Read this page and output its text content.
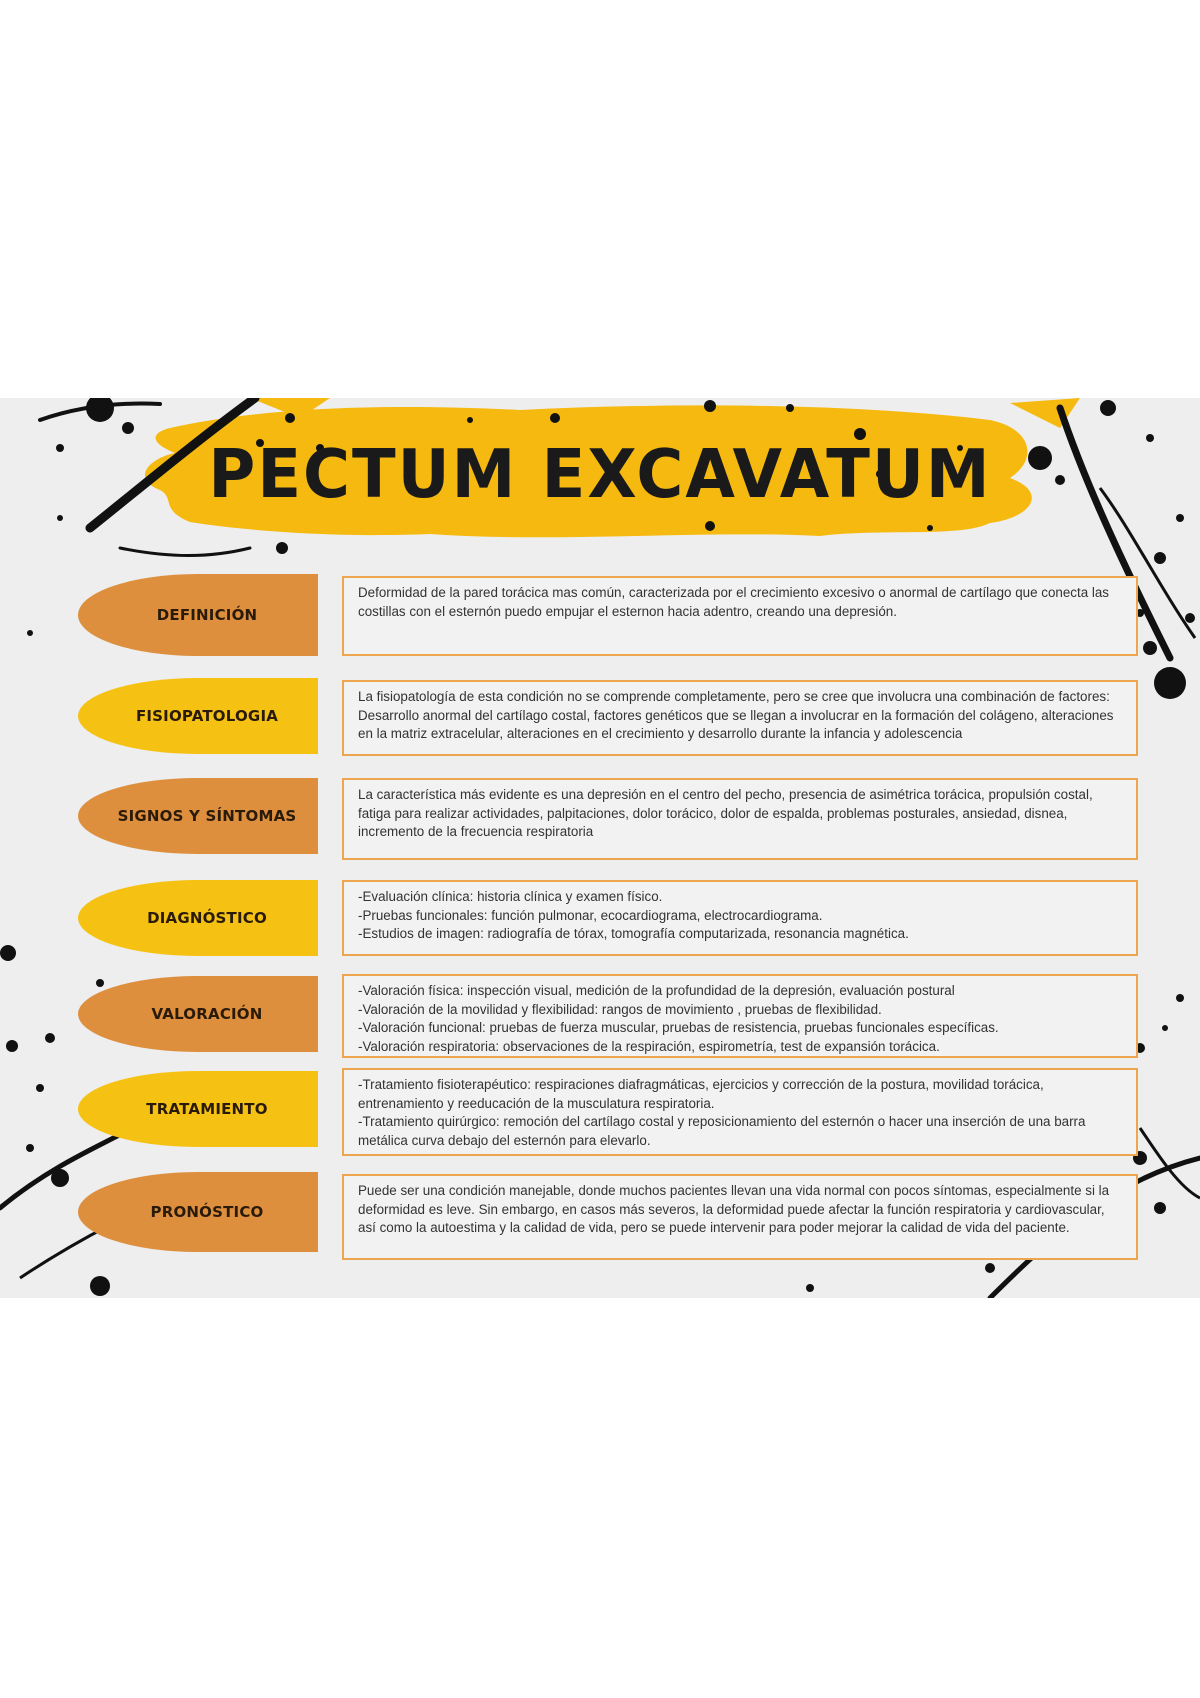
PECTUM EXCAVATUM
DEFINICIÓN
Deformidad de la pared torácica mas común, caracterizada por el crecimiento excesivo o anormal de cartílago que conecta las costillas con el esternón puedo empujar el esternon hacia adentro, creando una depresión.
FISIOPATOLOGIA
La fisiopatología de esta condición no se comprende completamente, pero se cree que involucra una combinación de factores: Desarrollo anormal del cartílago costal, factores genéticos que se llegan a involucrar en la formación del colágeno, alteraciones en la matriz extracelular, alteraciones en el crecimiento y desarrollo durante la infancia y adolescencia
SIGNOS Y SÍNTOMAS
La característica más evidente es una depresión en el centro del pecho, presencia de asimétrica torácica, propulsión costal, fatiga para realizar actividades, palpitaciones, dolor torácico, dolor de espalda, problemas posturales, ansiedad, disnea, incremento de la frecuencia respiratoria
DIAGNÓSTICO
-Evaluación clínica: historia clínica y examen físico.
-Pruebas funcionales: función pulmonar, ecocardiograma, electrocardiograma.
-Estudios de imagen: radiografía de tórax, tomografía computarizada, resonancia magnética.
VALORACIÓN
-Valoración física: inspección visual, medición de la profundidad de la depresión, evaluación postural
-Valoración de la movilidad y flexibilidad: rangos de movimiento , pruebas de flexibilidad.
-Valoración funcional: pruebas de fuerza muscular, pruebas de resistencia, pruebas funcionales específicas.
-Valoración respiratoria: observaciones de la respiración, espirometría, test de expansión torácica.
TRATAMIENTO
-Tratamiento fisioterapéutico: respiraciones diafragmáticas, ejercicios y corrección de la postura, movilidad torácica, entrenamiento y reeducación de la musculatura respiratoria.
-Tratamiento quirúrgico: remoción del cartílago costal y reposicionamiento del esternón o hacer una inserción de una barra metálica curva debajo del esternón para elevarlo.
PRONÓSTICO
Puede ser una condición manejable, donde muchos pacientes llevan una vida normal con pocos síntomas, especialmente si la deformidad es leve. Sin embargo, en casos más severos, la deformidad puede afectar la función respiratoria y cardiovascular, así como la autoestima y la calidad de vida, pero se puede intervenir para poder mejorar la calidad de vida del paciente.
